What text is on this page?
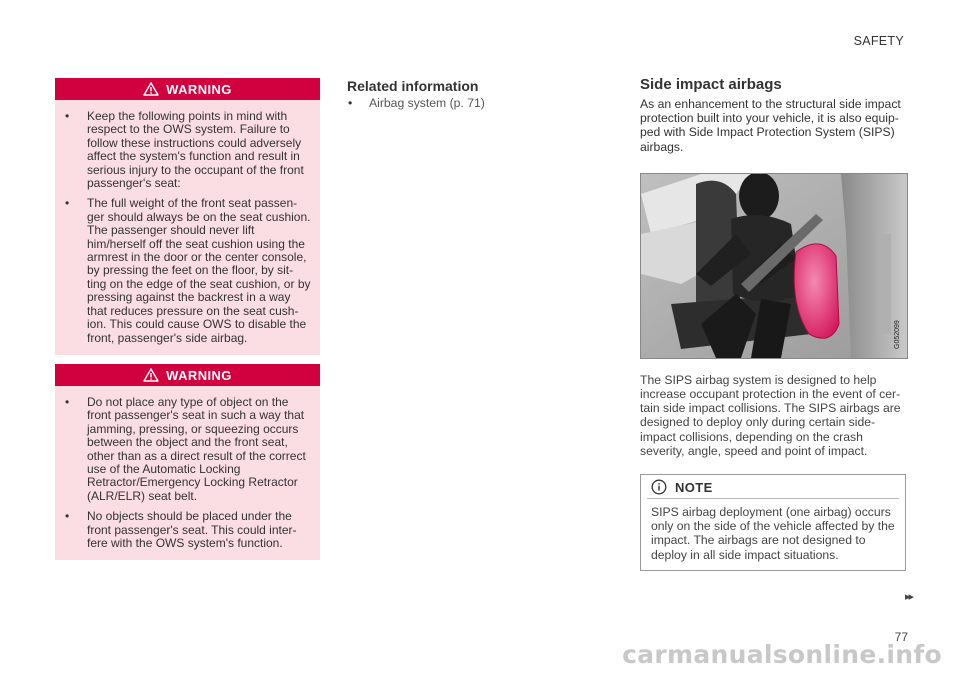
SAFETY
WARNING
• Keep the following points in mind with respect to the OWS system. Failure to follow these instructions could adversely affect the system's function and result in serious injury to the occupant of the front passenger's seat:
• The full weight of the front seat passen-ger should always be on the seat cushion. The passenger should never lift him/herself off the seat cushion using the armrest in the door or the center console, by pressing the feet on the floor, by sit-ting on the edge of the seat cushion, or by pressing against the backrest in a way that reduces pressure on the seat cush-ion. This could cause OWS to disable the front, passenger's side airbag.
WARNING
• Do not place any type of object on the front passenger's seat in such a way that jamming, pressing, or squeezing occurs between the object and the front seat, other than as a direct result of the correct use of the Automatic Locking Retractor/Emergency Locking Retractor (ALR/ELR) seat belt.
• No objects should be placed under the front passenger's seat. This could inter-fere with the OWS system's function.
Related information
• Airbag system (p. 71)
Side impact airbags

As an enhancement to the structural side impact protection built into your vehicle, it is also equip-ped with Side Impact Protection System (SIPS) airbags.

G052099

The SIPS airbag system is designed to help increase occupant protection in the event of cer-tain side impact collisions. The SIPS airbags are designed to deploy only during certain side-impact collisions, depending on the crash severity, angle, speed and point of impact.

NOTE
SIPS airbag deployment (one airbag) occurs only on the side of the vehicle affected by the impact. The airbags are not designed to deploy in all side impact situations.
▸▸
77
carmanualsonline.info
